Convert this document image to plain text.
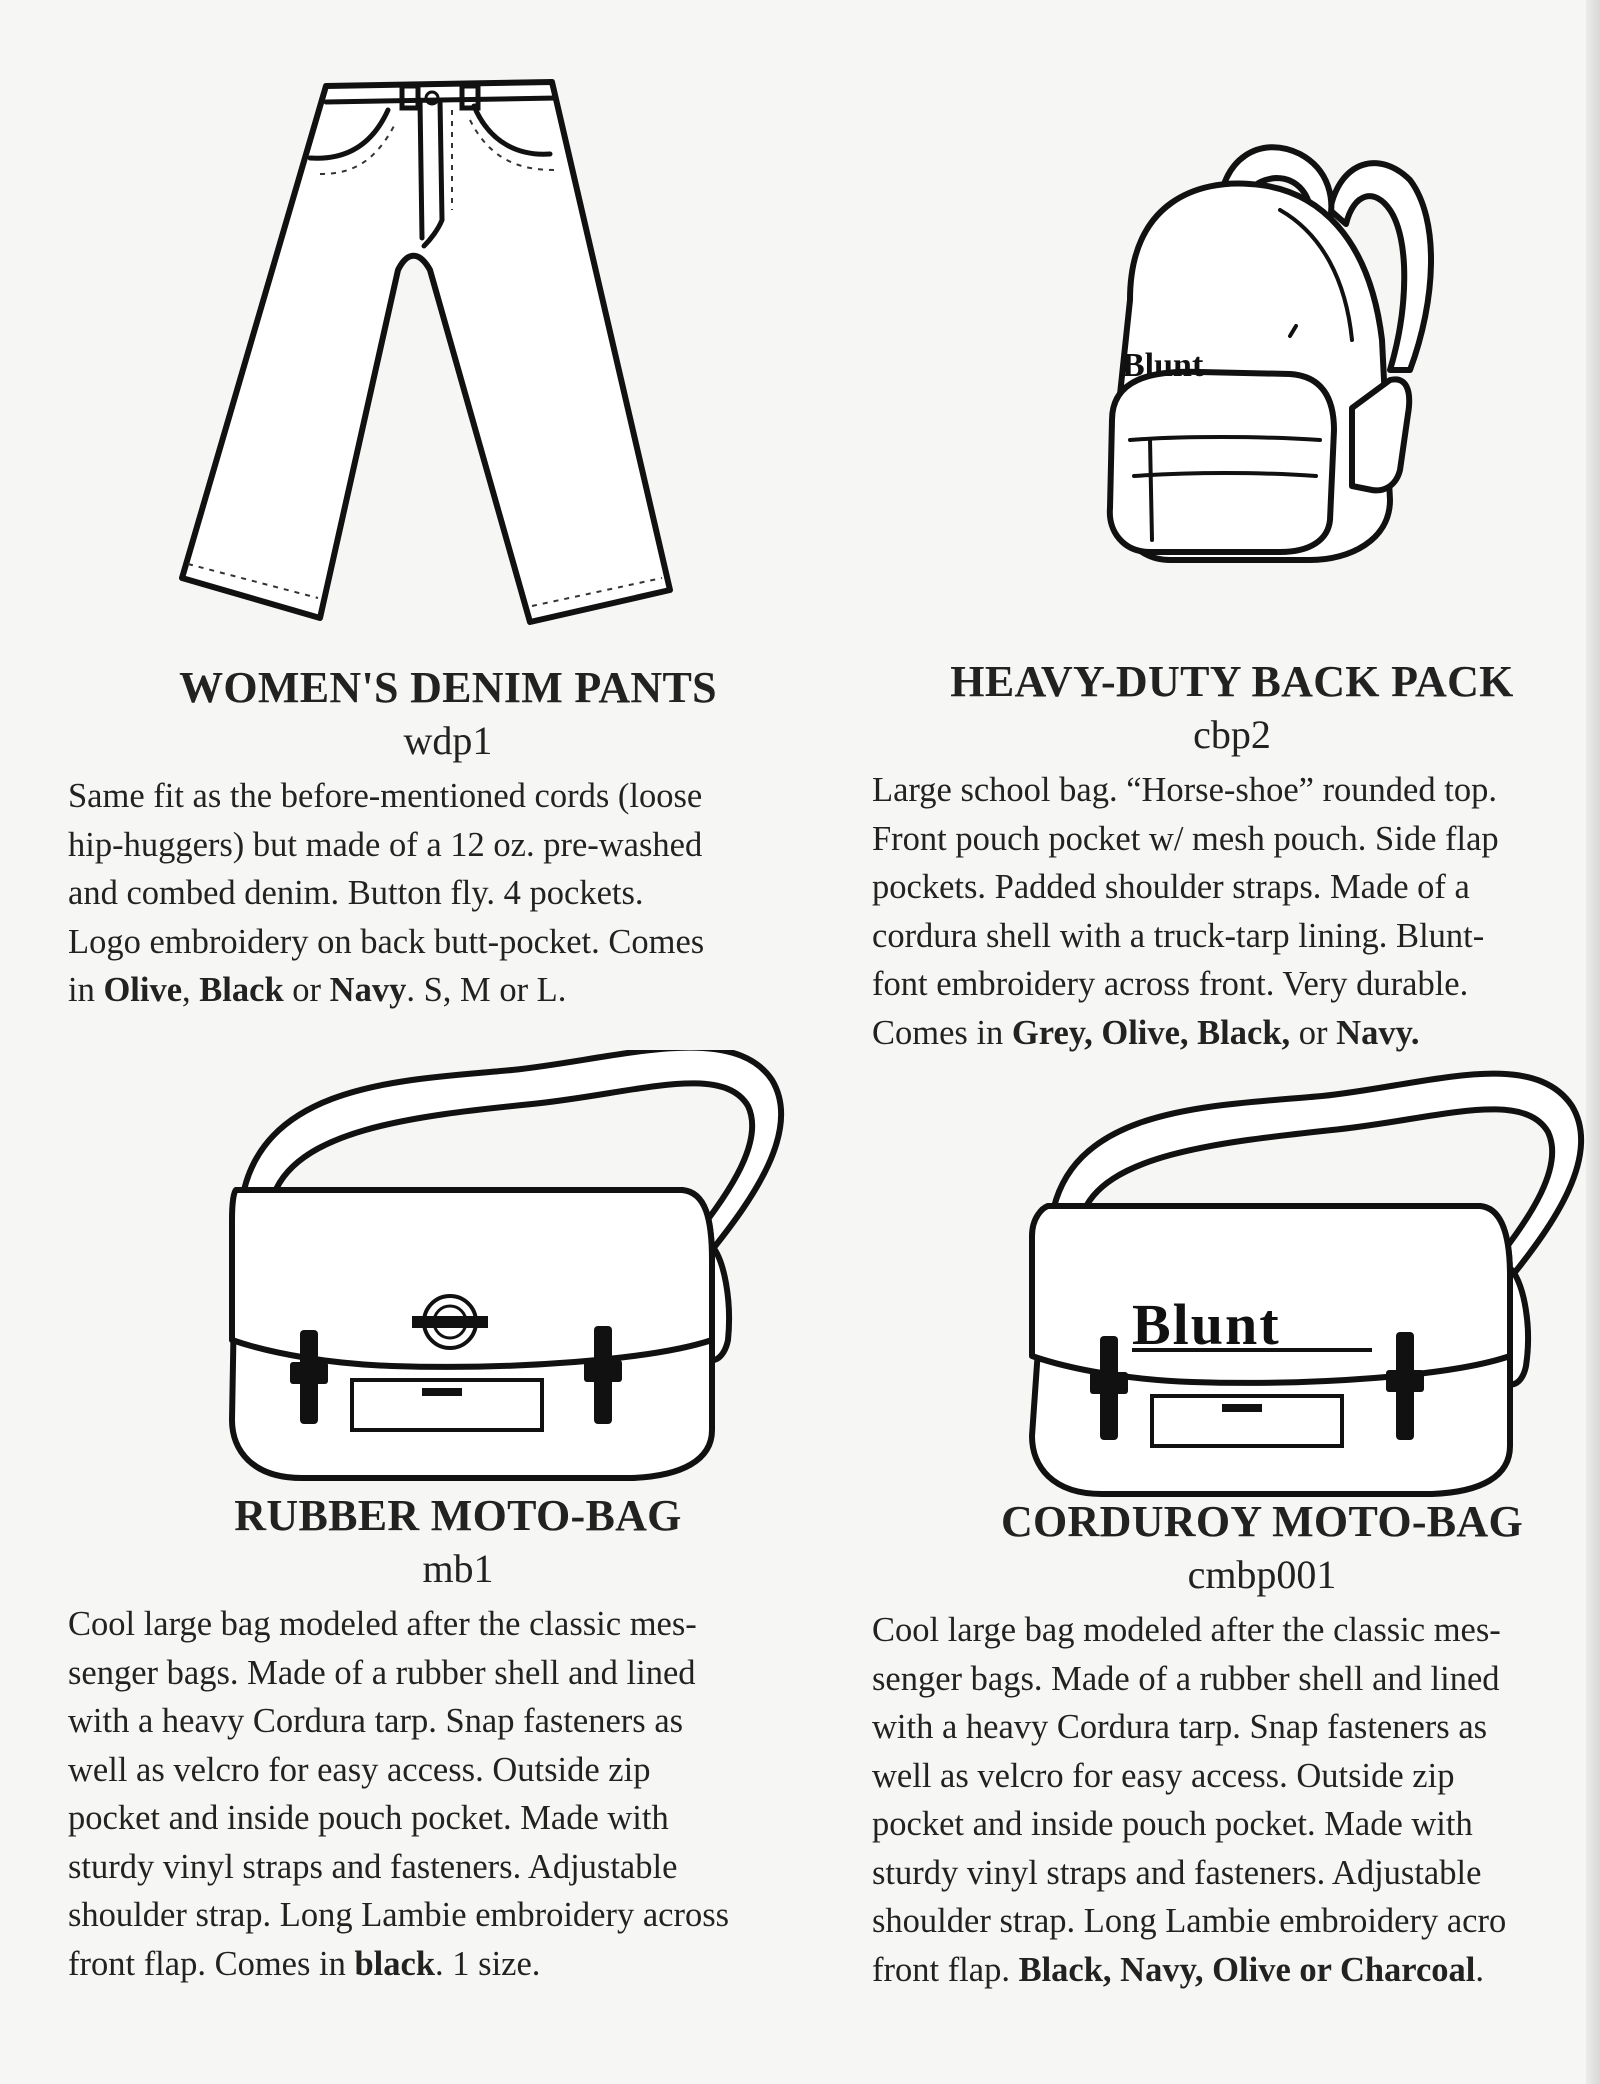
Blunt
Blunt
WOMEN'S DENIM PANTS
wdp1
Same fit as the before-mentioned cords (loose
hip-huggers) but made of a 12 oz. pre-washed
and combed denim. Button fly. 4 pockets.
Logo embroidery on back butt-pocket. Comes
in Olive, Black or Navy. S, M or L.
HEAVY-DUTY BACK PACK
cbp2
Large school bag. “Horse-shoe” rounded top.
Front pouch pocket w/ mesh pouch. Side flap
pockets. Padded shoulder straps. Made of a
cordura shell with a truck-tarp lining. Blunt-
font embroidery across front. Very durable.
Comes in Grey, Olive, Black, or Navy.
RUBBER MOTO-BAG
mb1
Cool large bag modeled after the classic mes-
senger bags. Made of a rubber shell and lined
with a heavy Cordura tarp. Snap fasteners as
well as velcro for easy access. Outside zip
pocket and inside pouch pocket. Made with
sturdy vinyl straps and fasteners. Adjustable
shoulder strap. Long Lambie embroidery across
front flap. Comes in black. 1 size.
CORDUROY MOTO-BAG
cmbp001
Cool large bag modeled after the classic mes-
senger bags. Made of a rubber shell and lined
with a heavy Cordura tarp. Snap fasteners as
well as velcro for easy access. Outside zip
pocket and inside pouch pocket. Made with
sturdy vinyl straps and fasteners. Adjustable
shoulder strap. Long Lambie embroidery acro
front flap. Black, Navy, Olive or Charcoal.
